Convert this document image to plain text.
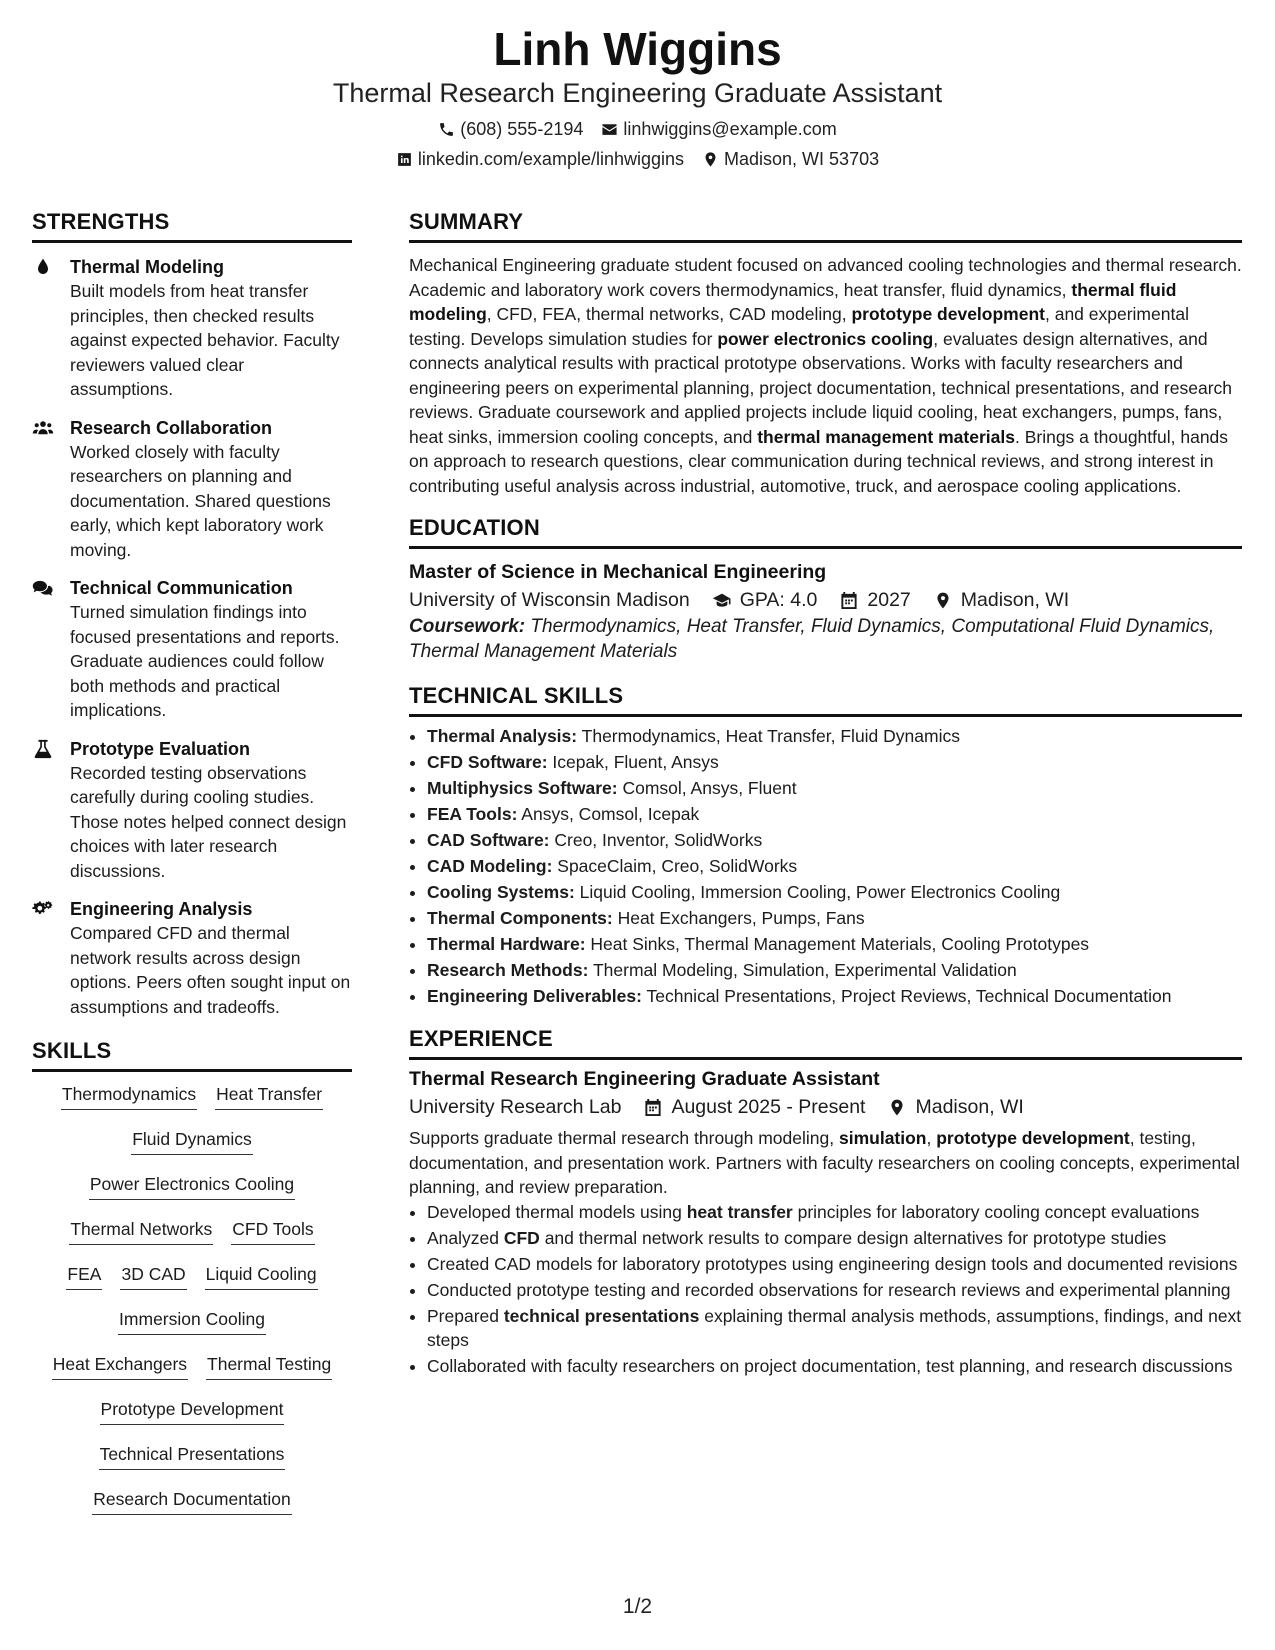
Linh Wiggins
Thermal Research Engineering Graduate Assistant
(608) 555-2194 linhwiggins@example.com
linkedin.com/example/linhwiggins Madison, WI 53703
STRENGTHS
Thermal Modeling
Built models from heat transfer principles, then checked results against expected behavior. Faculty reviewers valued clear assumptions.
Research Collaboration
Worked closely with faculty researchers on planning and documentation. Shared questions early, which kept laboratory work moving.
Technical Communication
Turned simulation findings into focused presentations and reports. Graduate audiences could follow both methods and practical implications.
Prototype Evaluation
Recorded testing observations carefully during cooling studies. Those notes helped connect design choices with later research discussions.
Engineering Analysis
Compared CFD and thermal network results across design options. Peers often sought input on assumptions and tradeoffs.
SKILLS
Thermodynamics Heat Transfer
Fluid Dynamics
Power Electronics Cooling
Thermal Networks CFD Tools
FEA 3D CAD Liquid Cooling
Immersion Cooling
Heat Exchangers Thermal Testing
Prototype Development
Technical Presentations
Research Documentation
SUMMARY
Mechanical Engineering graduate student focused on advanced cooling technologies and thermal research. Academic and laboratory work covers thermodynamics, heat transfer, fluid dynamics, thermal fluid modeling, CFD, FEA, thermal networks, CAD modeling, prototype development, and experimental testing. Develops simulation studies for power electronics cooling, evaluates design alternatives, and connects analytical results with practical prototype observations. Works with faculty researchers and engineering peers on experimental planning, project documentation, technical presentations, and research reviews. Graduate coursework and applied projects include liquid cooling, heat exchangers, pumps, fans, heat sinks, immersion cooling concepts, and thermal management materials. Brings a thoughtful, hands on approach to research questions, clear communication during technical reviews, and strong interest in contributing useful analysis across industrial, automotive, truck, and aerospace cooling applications.
EDUCATION
Master of Science in Mechanical Engineering
University of Wisconsin Madison	GPA: 4.0	2027	Madison, WI
Coursework: Thermodynamics, Heat Transfer, Fluid Dynamics, Computational Fluid Dynamics, Thermal Management Materials
TECHNICAL SKILLS
• Thermal Analysis: Thermodynamics, Heat Transfer, Fluid Dynamics
• CFD Software: Icepak, Fluent, Ansys
• Multiphysics Software: Comsol, Ansys, Fluent
• FEA Tools: Ansys, Comsol, Icepak
• CAD Software: Creo, Inventor, SolidWorks
• CAD Modeling: SpaceClaim, Creo, SolidWorks
• Cooling Systems: Liquid Cooling, Immersion Cooling, Power Electronics Cooling
• Thermal Components: Heat Exchangers, Pumps, Fans
• Thermal Hardware: Heat Sinks, Thermal Management Materials, Cooling Prototypes
• Research Methods: Thermal Modeling, Simulation, Experimental Validation
• Engineering Deliverables: Technical Presentations, Project Reviews, Technical Documentation
EXPERIENCE
Thermal Research Engineering Graduate Assistant
University Research Lab	August 2025 - Present	Madison, WI
Supports graduate thermal research through modeling, simulation, prototype development, testing, documentation, and presentation work. Partners with faculty researchers on cooling concepts, experimental planning, and review preparation.
• Developed thermal models using heat transfer principles for laboratory cooling concept evaluations
• Analyzed CFD and thermal network results to compare design alternatives for prototype studies
• Created CAD models for laboratory prototypes using engineering design tools and documented revisions
• Conducted prototype testing and recorded observations for research reviews and experimental planning
• Prepared technical presentations explaining thermal analysis methods, assumptions, findings, and next steps
• Collaborated with faculty researchers on project documentation, test planning, and research discussions
1/2
